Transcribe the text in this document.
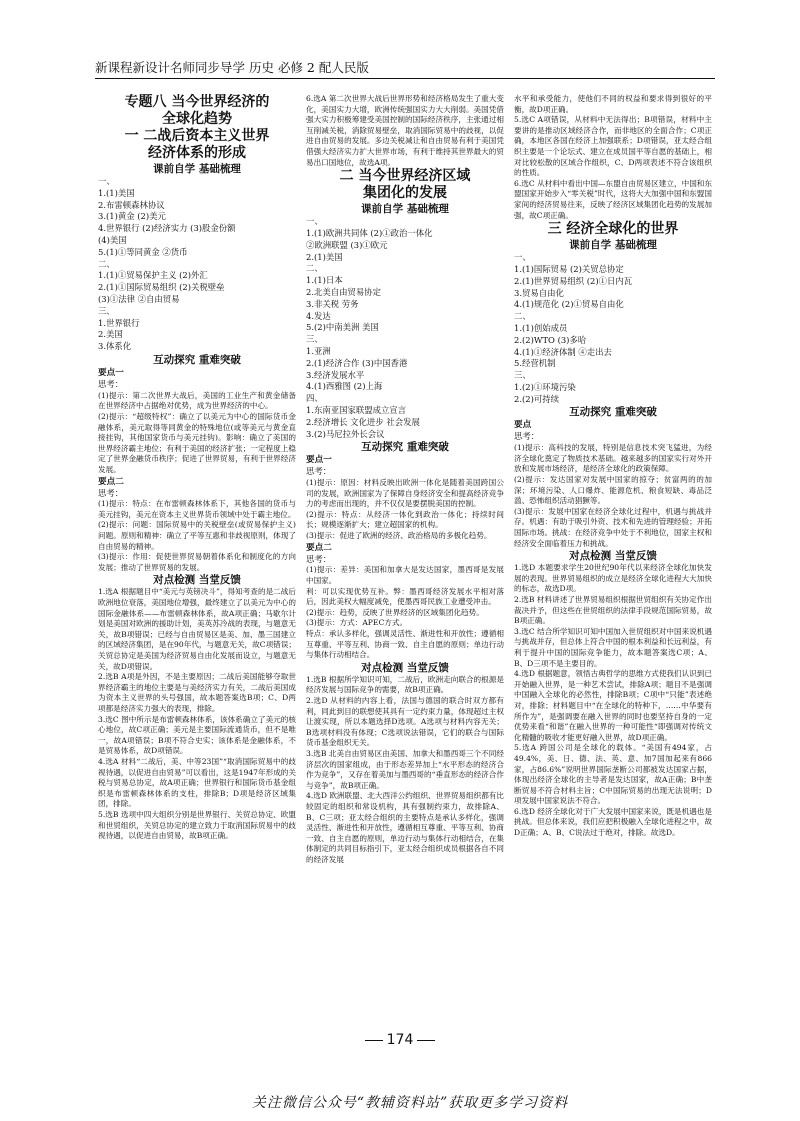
新课程新设计名师同步导学 历史 必修 2 配人民版

专题八 当今世界经济的

全球化趋势

一 二战后资本主义世界

经济体系的形成

课前自学 基础梳理

一、

1.(1)美国

2.布雷顿森林协议

3.(1)黄金 (2)美元

4.世界银行 (2)经济实力 (3)股金份额

(4)美国

5.(1)①等同黄金 ②货币

二、

1.(1)①贸易保护主义 (2)外汇

2.(1)①国际贸易组织 (2)关税壁垒

(3)①法律 ②自由贸易

三、

1.世界银行

2.美国

3.体系化

互动探究 重难突破

要点一

思考：

(1)提示：第二次世界大战后，美国的工业生产和黄金储备在世界经济中占据绝对优势，成为世界经济的中心。

(2)提示：“超级特权”：确立了以美元为中心的国际货币金融体系，美元取得等同黄金的特殊地位(或等美元与黄金直接挂钩，其他国家货币与美元挂钩)。影响：确立了美国的世界经济霸主地位；有利于美国的经济扩张；一定程度上稳定了世界金融货币秩序；促进了世界贸易，有利于世界经济发展。

要点二

思考：

(1)提示：特点：在布雷顿森林体系下，其他各国的货币与美元挂钩，美元在资本主义世界货币领域中处于霸主地位。

(2)提示：问题：国际贸易中的关税壁垒(或贸易保护主义)问题。原则和精神：确立了平等互惠和非歧视原则，体现了自由贸易的精神。

(3)提示：作用：促使世界贸易朝着体系化和制度化的方向发展；推动了世界贸易的发展。

对点检测 当堂反馈

1.选A 根据题目中“美元与英镑决斗”，得知考查的是二战后欧洲地位衰落，美国地位增强，最终建立了以美元为中心的国际金融体系——布雷顿森林体系，故A项正确；马歇尔计划是美国对欧洲的援助计划，美英苏冷战的表现，与题意无关，故B项错误；已经与自由贸易区是美、加、墨三国建立的区域经济集团，是在90年代，与题意无关，故C项错误；关贸总协定是美国为经济贸易自由化发展而设立，与题意无关，故D项错误。

2.选B A项是外因，不是主要原因；二战后美国能够夺取世界经济霸主的地位主要是与美经济实力有关，二战后美国成为资本主义世界的头号强国，故本题答案选B项；C、D两项都是经济实力强大的表现，排除。

3.选C 图中所示是布雷顿森林体系，该体系确立了美元的核心地位，故C项正确；美元是主要国际流通货币，但不是唯一，故A项错误；B项不符合史实；该体系是金融体系，不是贸易体系，故D项错误。

4.选A 材料“二战后，美、中等23国”“取消国际贸易中的歧视待遇，以促进自由贸易”可以看出，这是1947年形成的关税与贸易总协定，故A项正确；世界银行和国际货币基金组织是布雷顿森林体系的支柱，排除B；D项是经济区域集团，排除。

5.选B 选项中四大组织分别是世界银行、关贸总协定、欧盟和世贸组织，关贸总协定的建立致力于取消国际贸易中的歧视待遇，以促进自由贸易，故B项正确。

6.选A 第二次世界大战后世界形势和经济格局发生了重大变化，美国实力大增，欧洲传统强国实力大大削弱。美国凭借强大实力积极筹建受美国控制的国际经济秩序，主张通过相互削减关税，消除贸易壁垒，取消国际贸易中的歧视，以促进自由贸易的发展。多边关税减让和自由贸易有利于美国凭借强大经济实力扩大世界市场，有利于维持其世界最大的贸易出口国地位，故选A项。

二 当今世界经济区域

集团化的发展

课前自学 基础梳理

一、

1.(1)欧洲共同体 (2)①政治一体化

②欧洲联盟 (3)①欧元

2.(1)美国

二、

1.(1)日本

2.北美自由贸易协定

3.非关税 劳务

4.发达

5.(2)中南美洲 美国

三、

1.亚洲

2.(1)经济合作 (3)中国香港

3.经济发展水平

4.(1)西雅图 (2)上海

四、

1.东南亚国家联盟成立宣言

2.经济增长 文化进步 社会发展

3.(2)马尼拉外长会议

互动探究 重难突破

要点一

思考：

(1)提示：原因：材料反映出欧洲一体化是随着美国跨国公司的发展，欧洲国家为了保障自身经济安全和提高经济竞争力的考虑而出现的，并不仅仅是要摆脱美国的控制。

(2)提示：特点：从经济一体化到政治一体化；持续时间长；规模逐渐扩大；建立超国家的机构。

(3)提示：促进了欧洲的经济、政治格局的多极化趋势。

要点二

思考：

(1)提示：差异：美国和加拿大是发达国家，墨西哥是发展中国家。

利：可以实现优势互补。弊：墨西哥经济发展水平相对落后，因此美权大幅度减免，使墨西哥民族工业遭受冲击。

(2)提示：趋势，反映了世界经济的区域集团化趋势。

(3)提示：方式：APEC方式。

特点：承认多样化，强调灵活性、渐进性和开放性；遵循相互尊重、平等互利、协商一致、自主自愿的原则；单边行动与集体行动相结合。

对点检测 当堂反馈

1.选B 根据所学知识可知，二战后，欧洲走向联合的根源是经济发展与国际竞争的需要，故B项正确。

2.选D 从材料的内容上看，法国与德国的联合时双方都有利，同此到目的联想使其具有一定约束力量，体现超过主权让渡实现，所以本题选择D选项。A选项与材料内容无关；B选项材料没有体现；C选项说法错误，它们的联合与国际货币基金组织无关。

3.选B 北美自由贸易区由美国、加拿大和墨西哥三个不同经济层次的国家组成，由于形态差异加上“水平形态的经济合作为竞争”，又存在着美加与墨西哥的“垂直形态的经济合作与竞争”，故B项正确。

4.选D 欧洲联盟、北大西洋公约组织、世界贸易组织都有比较固定的组织和常设机构，具有强制约束力，故排除A、B、C三项；亚太经合组织的主要特点是承认多样化，强调灵活性、渐进性和开放性，遵循相互尊重、平等互利、协商一致、自主自愿的原则，单边行动与集体行动相结合，在集体制定的共同目标指引下，亚太经合组织成员根据各自不同的经济发展

水平和承受能力，使他们不同的权益和要求得到很好的平衡，故D项正确。

5.选C A项错误，从材料中无法得出；B项错误，材料中主要讲的是推动区域经济合作，而非地区的全面合作；C项正确，本地区各国在经济上加强联系；D项错误，亚太经合组织主要是一个论坛式、建立在成员国平等自愿的基础上，相对比较松散的区域合作组织，C、D两项表述不符合该组织的性质。

6.选C 从材料中看出中国—东盟自由贸易区建立，中国和东盟国家开始步入“零关税”时代，这将大大加强中国和东盟国家间的经济贸易往来，反映了经济区域集团化趋势的发展加强，故C项正确。

三 经济全球化的世界

课前自学 基础梳理

一、

1.(1)国际贸易 (2)关贸总协定

2.(1)世界贸易组织 (2)①日内瓦

3.贸易自由化

4.(1)规范化 (2)①贸易自由化

二、

1.(1)创始成员

2.(2)WTO (3)多哈

4.(1)①经济体制 ④走出去

5.经营机制

三、

1.(2)①环境污染

2.(2)可持续

互动探究 重难突破

要点

思考：

(1)提示：高科技的发展，特别是信息技术突飞猛进，为经济全球化奠定了物质技术基础。越来越多的国家实行对外开放和发展市场经济，是经济全球化的政策保障。

(2)提示：发达国家对发展中国家的掠夺；贫富两的的加深；环境污染、人口爆炸、能源危机、粮食短缺、毒品泛滥、恐怖组织活动猖獗等。

(3)提示：发展中国家在经济全球化过程中，机遇与挑战并存。机遇：有助于吸引外资、技术和先进的管理经验；开拓国际市场。挑战：在经济竞争中处于不利地位，国家主权和经济安全面临着压力和挑战。

对点检测 当堂反馈

1.选D 本题要求学生20世纪90年代以来经济全球化加快发展的表现。世界贸易组织的成立是经济全球化进程大大加快的标志，故选D项。

2.选B 材料讲述了世界贸易组织根据世贸组织有关协定作出裁决并予，但这些在世贸组织的法律手段规范国际贸易，故B项正确。

3.选C 结合所学知识可知中国加入世贸组织对中国来说机遇与挑战并存，但总体上符合中国的根本利益和长远利益，有利于提升中国的国际竞争能力，故本题答案选C项；A、B、D三项不是主要目的。

4.选D 根据题意，领悟古典哲学的思维方式使我们认识到已开始融入世界，是一种艺术尝试，排除A项；题目不是强调中国融入全球化的必然性，排除B项；C项中“只能”表述绝对，排除；材料题目中“在全球化的特种下，……中华要有所作为”，是强调要在融入世界的同时也要坚持自身的一定优势来看“和谐”在融入世界的一种可能性“即强调对传统文化精髓的吸收才能更好融入世界，故D项正确。

5.选A 跨国公司是全球化的载体。“美国有494家，占49.4%，美、日、德、法、英、意、加7国加起来有866家，占86.6%”说明世界国际垄断公司都被发达国家占据，体现出经济全球化的主导者是发达国家，故A正确；B中垄断贸易不符合材料主旨；C中国际贸易的出现无法说明；D项发展中国家说法不符合。

6.选D 经济全球化对于广大发展中国家来说，既是机遇也是挑战。但总体来说，我们应把积极融入全球化进程之中，故D正确；A、B、C说法过于绝对，排除。故选D。

174
关注微信公众号“教辅资料站”获取更多学习资料
